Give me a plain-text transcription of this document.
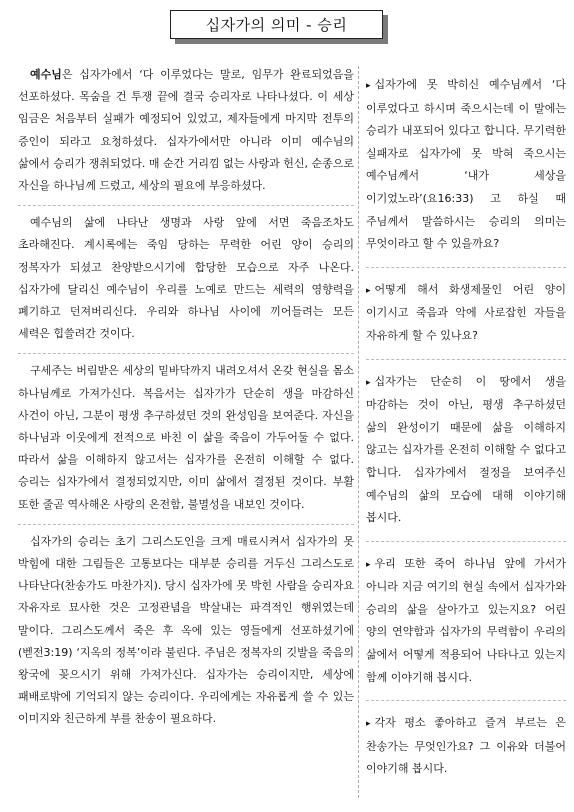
십자가의 의미 - 승리

예수님은 십자가에서 ‘다 이루었다는 말로, 임무가 완료되었음을 선포하셨다. 목숨을 건 투쟁 끝에 결국 승리자로 나타나셨다. 이 세상 임금은 처음부터 실패가 예정되어 있었고, 제자들에게 마지막 전투의 증인이 되라고 요청하셨다. 십자가에서만 아니라 이미 예수님의 삶에서 승리가 쟁취되었다. 매 순간 거리낌 없는 사랑과 헌신, 순종으로 자신을 하나님께 드렸고, 세상의 필요에 부응하셨다.

예수님의 삶에 나타난 생명과 사랑 앞에 서면 죽음조차도 초라해진다. 계시록에는 죽임 당하는 무력한 어린 양이 승리의 정복자가 되셨고 찬양받으시기에 합당한 모습으로 자주 나온다. 십자가에 달리신 예수님이 우리를 노예로 만드는 세력의 영향력을 폐기하고 던져버리신다. 우리와 하나님 사이에 끼어들려는 모든 세력은 힙쓸려간 것이다.

구세주는 버림받은 세상의 밑바닥까지 내려오셔서 온갖 현실을 몸소 하나님께로 가져가신다. 복음서는 십자가가 단순히 생을 마감하신 사건이 아닌, 그분이 평생 추구하셨던 것의 완성임을 보여준다. 자신을 하나님과 이웃에게 전적으로 바친 이 삶을 죽음이 가두어둘 수 없다. 따라서 삶을 이해하지 않고서는 십자가를 온전히 이해할 수 없다. 승리는 십자가에서 결정되었지만, 이미 삶에서 결정된 것이다. 부활 또한 줄곧 역사해온 사랑의 온전함, 불멸성을 내보인 것이다.

십자가의 승리는 초기 그리스도인을 크게 매료시켜서 십자가의 못 박힘에 대한 그림들은 고통보다는 대부분 승리를 거두신 그리스도로 나타난다(찬송가도 마찬가지). 당시 십자가에 못 박힌 사람을 승리자요 자유자로 묘사한 것은 고정관념을 박살내는 파격적인 행위였는데 말이다. 그리스도께서 죽은 후 옥에 있는 영들에게 선포하셨기에(벧전3:19) ‘지옥의 정복’이라 불린다. 주님은 정복자의 깃발을 죽음의 왕국에 꽂으시기 위해 가져가신다. 십자가는 승리이지만, 세상에 패배로밖에 기억되지 않는 승리이다. 우리에게는 자유롭게 쓸 수 있는 이미지와 친근하게 부를 찬송이 필요하다.

▸ 십자가에 못 박히신 예수님께서 ‘다 이루었다고 하시며 죽으시는데 이 말에는 승리가 내포되어 있다고 합니다. 무기력한 실패자로 십자가에 못 박혀 죽으시는 예수님께서 ‘내가 세상을 이기었노라’(요16:33) 고 하실 때 주님께서 말씀하시는 승리의 의미는 무엇이라고 할 수 있을까요?

▸ 어떻게 해서 화생제물인 어린 양이 이기시고 죽음과 악에 사로잡힌 자들을 자유하게 할 수 있나요?

▸ 십자가는 단순히 이 땅에서 생을 마감하는 것이 아닌, 평생 추구하셨던 삶의 완성이기 때문에 삶을 이해하지 않고는 십자가를 온전히 이해할 수 없다고 합니다. 십자가에서 절정을 보여주신 예수님의 삶의 모습에 대해 이야기해 봅시다.

▸ 우리 또한 죽어 하나님 앞에 가서가 아니라 지금 여기의 현실 속에서 십자가와 승리의 삶을 살아가고 있는지요? 어린 양의 연약함과 십자가의 무력함이 우리의 삶에서 어떻게 적용되어 나타나고 있는지 함께 이야기해 봅시다.

▸ 각자 평소 좋아하고 즐겨 부르는 은 찬송가는 무엇인가요? 그 이유와 더불어 이야기해 봅시다.
